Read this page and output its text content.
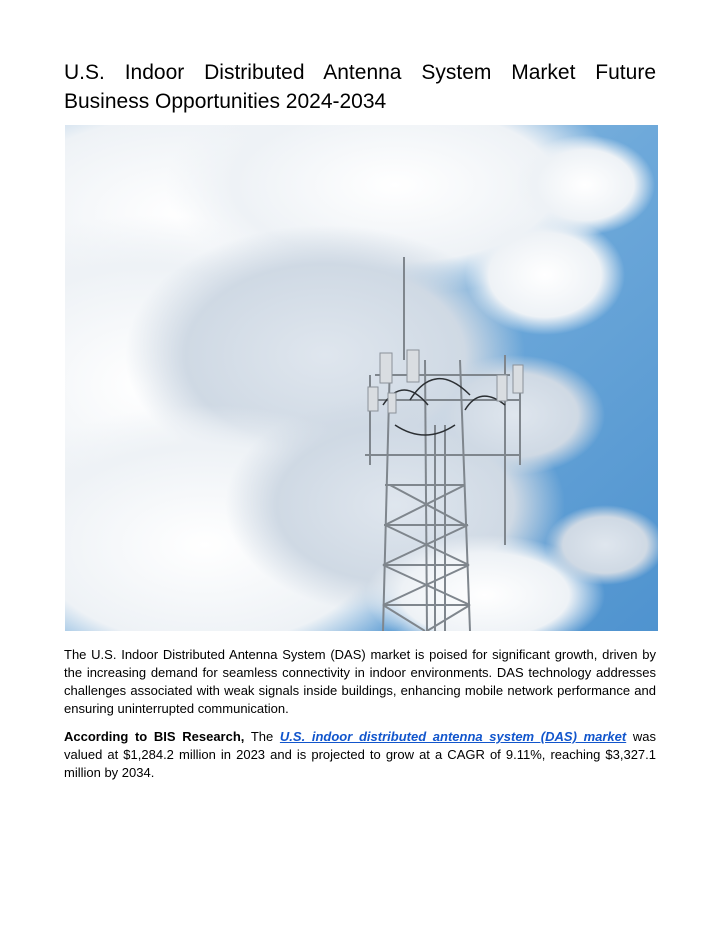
U.S. Indoor Distributed Antenna System Market Future Business Opportunities 2024-2034

The U.S. Indoor Distributed Antenna System (DAS) market is poised for significant growth, driven by the increasing demand for seamless connectivity in indoor environments. DAS technology addresses challenges associated with weak signals inside buildings, enhancing mobile network performance and ensuring uninterrupted communication.

According to BIS Research, The U.S. indoor distributed antenna system (DAS) market was valued at $1,284.2 million in 2023 and is projected to grow at a CAGR of 9.11%, reaching $3,327.1 million by 2034.
